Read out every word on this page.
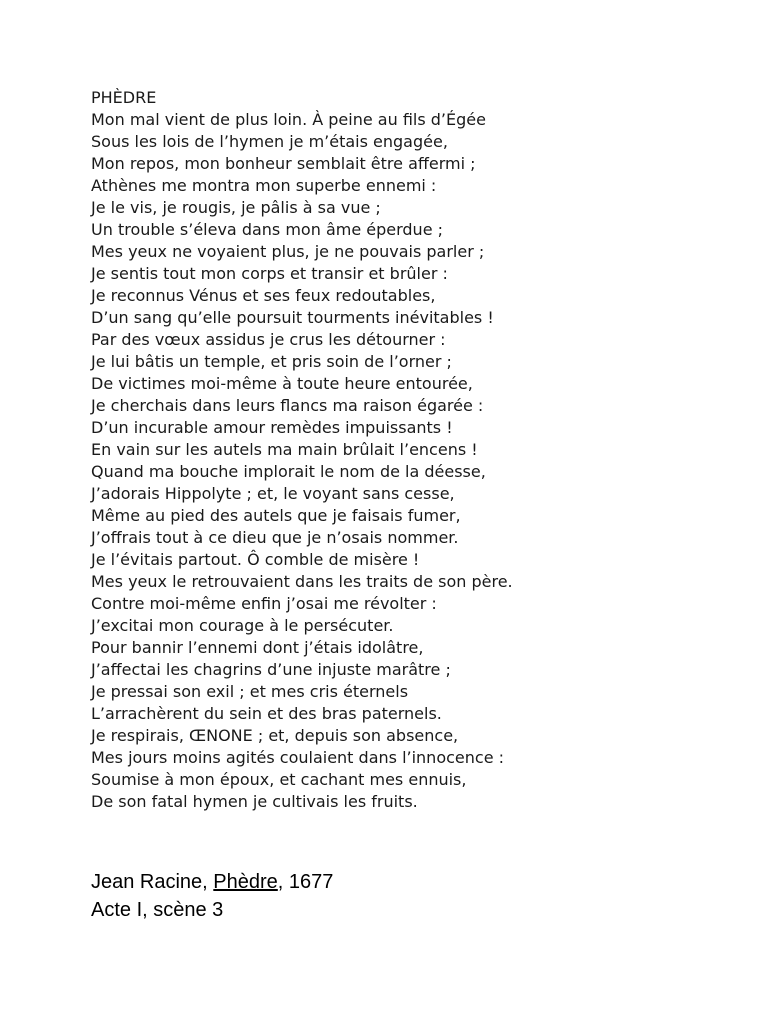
PHÈDRE
Mon mal vient de plus loin. À peine au fils d’Égée
Sous les lois de l’hymen je m’étais engagée,
Mon repos, mon bonheur semblait être affermi ;
Athènes me montra mon superbe ennemi :
Je le vis, je rougis, je pâlis à sa vue ;
Un trouble s’éleva dans mon âme éperdue ;
Mes yeux ne voyaient plus, je ne pouvais parler ;
Je sentis tout mon corps et transir et brûler :
Je reconnus Vénus et ses feux redoutables,
D’un sang qu’elle poursuit tourments inévitables !
Par des vœux assidus je crus les détourner :
Je lui bâtis un temple, et pris soin de l’orner ;
De victimes moi-même à toute heure entourée,
Je cherchais dans leurs flancs ma raison égarée :
D’un incurable amour remèdes impuissants !
En vain sur les autels ma main brûlait l’encens !
Quand ma bouche implorait le nom de la déesse,
J’adorais Hippolyte ; et, le voyant sans cesse,
Même au pied des autels que je faisais fumer,
J’offrais tout à ce dieu que je n’osais nommer.
Je l’évitais partout. Ô comble de misère !
Mes yeux le retrouvaient dans les traits de son père.
Contre moi-même enfin j’osai me révolter :
J’excitai mon courage à le persécuter.
Pour bannir l’ennemi dont j’étais idolâtre,
J’affectai les chagrins d’une injuste marâtre ;
Je pressai son exil ; et mes cris éternels
L’arrachèrent du sein et des bras paternels.
Je respirais, ŒNONE ; et, depuis son absence,
Mes jours moins agités coulaient dans l’innocence :
Soumise à mon époux, et cachant mes ennuis,
De son fatal hymen je cultivais les fruits.
Jean Racine, Phèdre, 1677
Acte I, scène 3
